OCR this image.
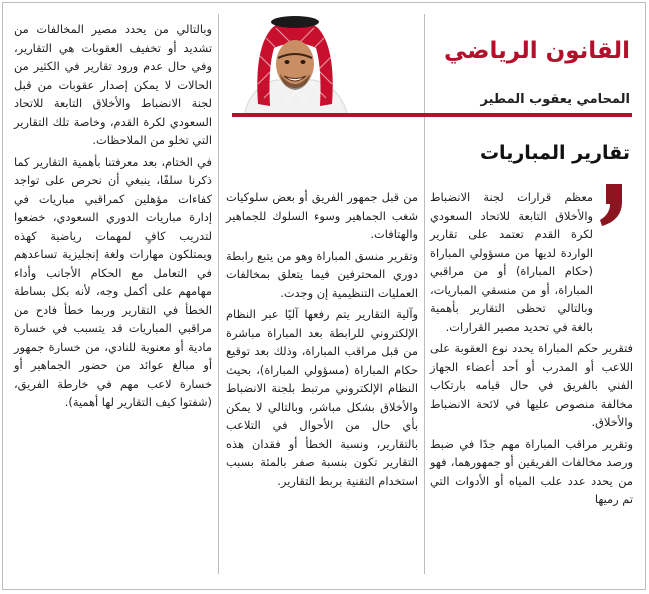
القانون الرياضي
المحامي يعقوب المطير
تقارير المباريات

معظم قرارات لجنة الانضباط والأخلاق التابعة للاتحاد السعودي لكرة القدم تعتمد على تقارير الواردة لديها من مسؤولي المباراة (حكام المباراة) أو من مراقبي المباراة، أو من منسقي المباريات، وبالتالي تحظى التقارير بأهمية بالغة في تحديد مصير القرارات.

فتقرير حكم المباراة يحدد نوع العقوبة على اللاعب أو المدرب أو أحد أعضاء الجهاز الفني بالفريق في حال قيامه بارتكاب مخالفة منصوص عليها في لائحة الانضباط والأخلاق.

وتقرير مراقب المباراة مهم جدًا في ضبط ورصد مخالفات الفريقين أو جمهورهما، فهو من يحدد عدد علب المياه أو الأدوات التي تم رميها

من قبل جمهور الفريق أو بعض سلوكيات شغب الجماهير وسوء السلوك للجماهير والهتافات.

وتقرير منسق المباراة وهو من يتبع رابطة دوري المحترفين فيما يتعلق بمخالفات العمليات التنظيمية إن وجدت.

وآلية التقارير يتم رفعها آليًا عبر النظام الإلكتروني للرابطة بعد المباراة مباشرة من قبل مراقب المباراة، وذلك بعد توقيع حكام المباراة (مسؤولي المباراة)، بحيث النظام الإلكتروني مرتبط بلجنة الانضباط والأخلاق بشكل مباشر، وبالتالي لا يمكن بأي حال من الأحوال في التلاعب بالتقارير، ونسبة الخطأ أو فقدان هذه التقارير تكون بنسبة صفر بالمئة بسبب استخدام التقنية بربط التقارير.

وبالتالي من يحدد مصير المخالفات من تشديد أو تخفيف العقوبات هي التقارير، وفي حال عدم ورود تقارير في الكثير من الحالات لا يمكن إصدار عقوبات من قبل لجنة الانضباط والأخلاق التابعة للاتحاد السعودي لكرة القدم، وخاصة تلك التقارير التي تخلو من الملاحظات.

في الختام، بعد معرفتنا بأهمية التقارير كما ذكرنا سلفًا، ينبغي أن نحرص على تواجد كفاءات مؤهلين كمراقبي مباريات في إدارة مباريات الدوري السعودي، خضعوا لتدريب كافٍ لمهمات رياضية كهذه ويمتلكون مهارات ولغة إنجليزية تساعدهم في التعامل مع الحكام الأجانب وأداء مهامهم على أكمل وجه، لأنه بكل بساطة الخطأ في التقارير وربما خطأ فادح من مراقبي المباريات قد يتسبب في خسارة مادية أو معنوية للنادي، من خسارة جمهور أو مبالغ عوائد من حضور الجماهير أو خسارة لاعب مهم في خارطة الفريق، (شفتوا كيف التقارير لها أهمية).
